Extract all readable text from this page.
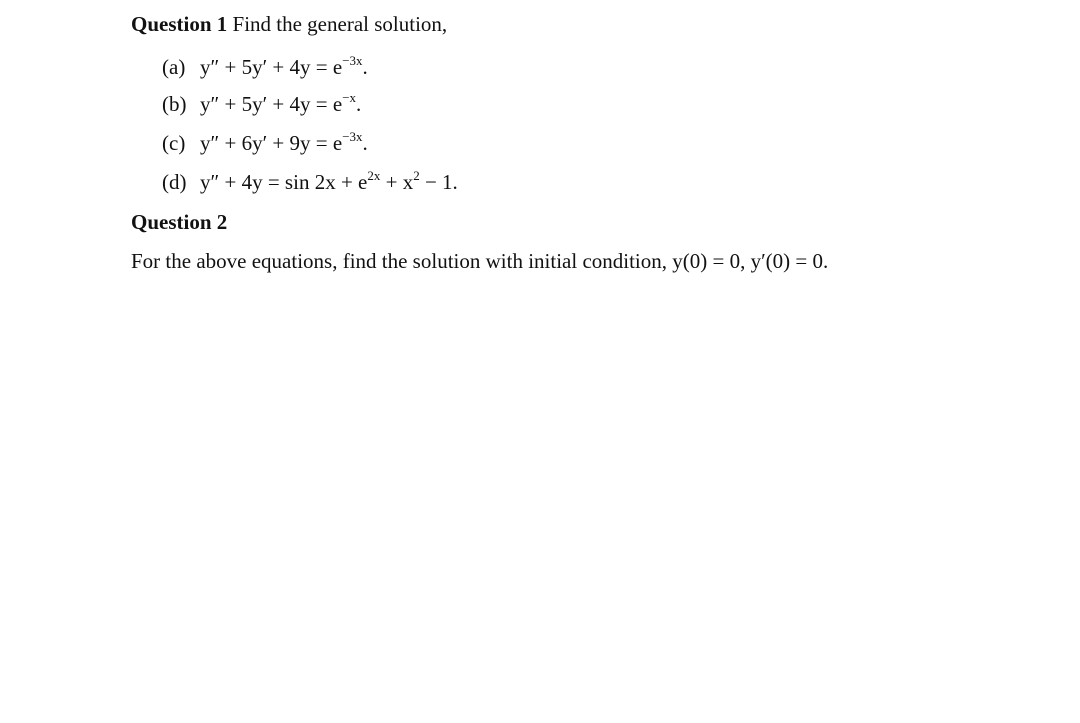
Question 1 Find the general solution,
(a) $y'' + 5y' + 4y = e^{-3x}$.
(b) $y'' + 5y' + 4y = e^{-x}$.
(c) $y'' + 6y' + 9y = e^{-3x}$.
(d) $y'' + 4y = \sin 2x + e^{2x} + x^2 - 1$.
Question 2
For the above equations, find the solution with initial condition, y(0) = 0, y′(0) = 0.
